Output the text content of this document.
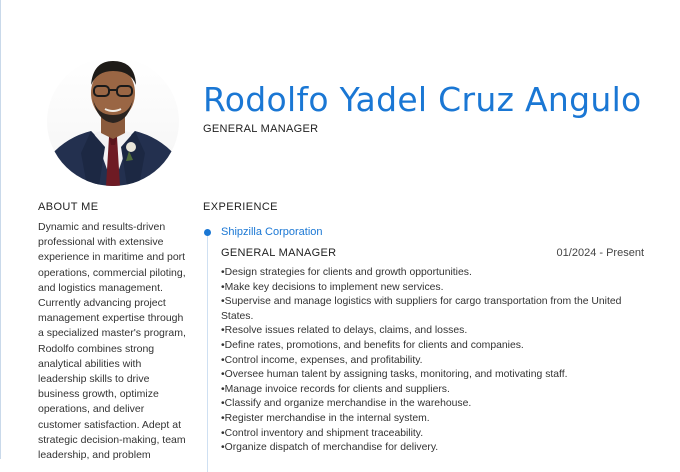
Rodolfo Yadel Cruz Angulo
GENERAL MANAGER
ABOUT ME
Dynamic and results-driven professional with extensive experience in maritime and port operations, commercial piloting, and logistics management. Currently advancing project management expertise through a specialized master's program, Rodolfo combines strong analytical abilities with leadership skills to drive business growth, optimize operations, and deliver customer satisfaction. Adept at strategic decision-making, team leadership, and problem
EXPERIENCE
Shipzilla Corporation
GENERAL MANAGER	01/2024 - Present
• Design strategies for clients and growth opportunities.
• Make key decisions to implement new services.
• Supervise and manage logistics with suppliers for cargo transportation from the United States.
• Resolve issues related to delays, claims, and losses.
• Define rates, promotions, and benefits for clients and companies.
• Control income, expenses, and profitability.
• Oversee human talent by assigning tasks, monitoring, and motivating staff.
• Manage invoice records for clients and suppliers.
• Classify and organize merchandise in the warehouse.
• Register merchandise in the internal system.
• Control inventory and shipment traceability.
• Organize dispatch of merchandise for delivery.
